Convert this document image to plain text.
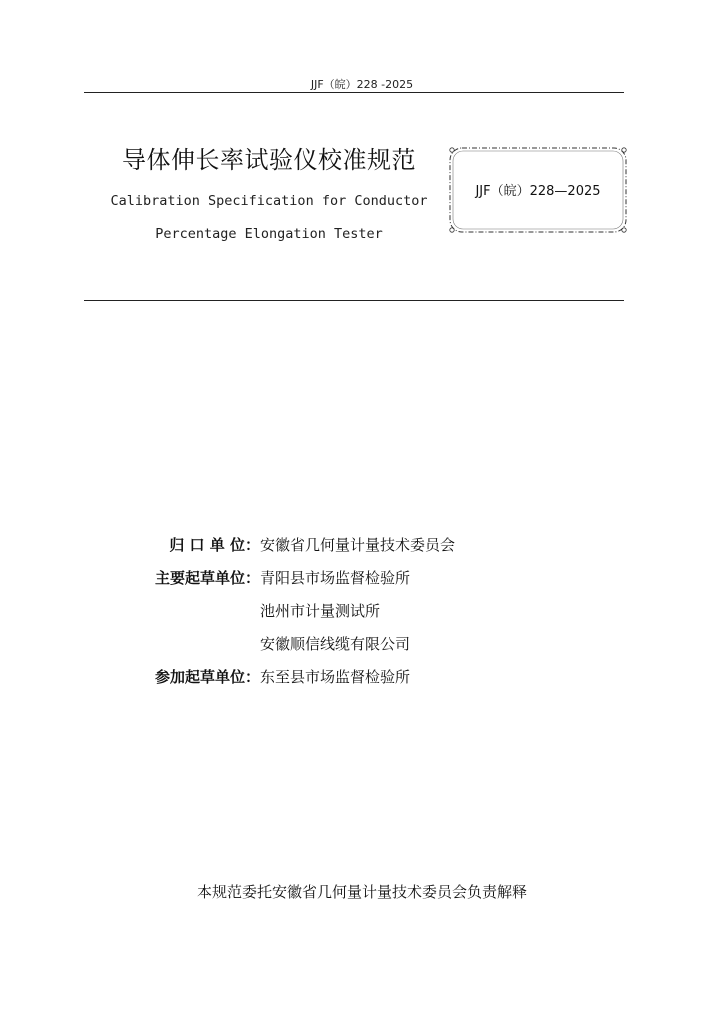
JJF（皖）228 -2025
导体伸长率试验仪校准规范
Calibration Specification for Conductor
Percentage Elongation Tester
JJF（皖）228—2025
归 口 单 位： 安徽省几何量计量技术委员会
主要起草单位： 青阳县市场监督检验所
池州市计量测试所
安徽顺信线缆有限公司
参加起草单位： 东至县市场监督检验所
本规范委托安徽省几何量计量技术委员会负责解释
